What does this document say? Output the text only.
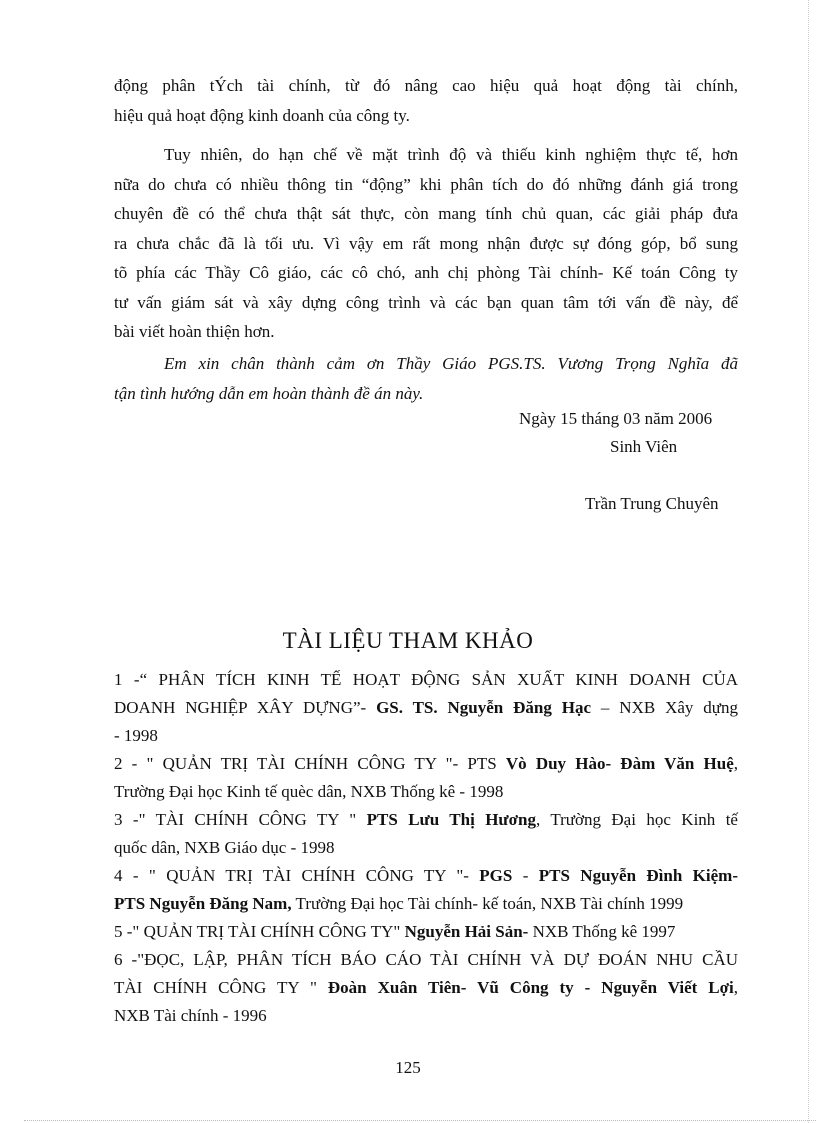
động phân tÝch tài chính, từ đó nâng cao hiệu quả hoạt động tài chính,
hiệu quả hoạt động kinh doanh của công ty.

Tuy nhiên, do hạn chế về mặt trình độ và thiếu kinh nghiệm thực tế, hơn
nữa do chưa có nhiều thông tin “động” khi phân tích do đó những đánh giá trong
chuyên đề có thể chưa thật sát thực, còn mang tính chủ quan, các giải pháp đưa
ra chưa chắc đã là tối ưu. Vì vậy em rất mong nhận được sự đóng góp, bổ sung
tõ phía các Thầy Cô giáo, các cô chó, anh chị phòng Tài chính- Kế toán Công ty
tư vấn giám sát và xây dựng công trình và các bạn quan tâm tới vấn đề này, để
bài viết hoàn thiện hơn.

Em xin chân thành cảm ơn Thầy Giáo PGS.TS. Vương Trọng Nghĩa đã
tận tình hướng dẫn em hoàn thành đề án này.

Ngày 15 tháng 03 năm 2006
Sinh Viên
Trần Trung Chuyên
TÀI LIỆU THAM KHẢO
1 -“ PHÂN TÍCH KINH TẾ HOẠT ĐỘNG SẢN XUẤT KINH DOANH CỦA
DOANH NGHIỆP XÂY DỰNG”- GS. TS. Nguyễn Đăng Hạc – NXB Xây dựng
- 1998
2 - " QUẢN TRỊ TÀI CHÍNH CÔNG TY "- PTS Vò Duy Hào- Đàm Văn Huệ,
Trường Đại học Kinh tế quèc dân, NXB Thống kê - 1998
3 -" TÀI CHÍNH CÔNG TY " PTS Lưu Thị Hương, Trường Đại học Kinh tế
quốc dân, NXB Giáo dục - 1998
4 - " QUẢN TRỊ TÀI CHÍNH CÔNG TY "- PGS - PTS Nguyễn Đình Kiệm-
PTS Nguyễn Đăng Nam, Trường Đại học Tài chính- kế toán, NXB Tài chính 1999
5 -" QUẢN TRỊ TÀI CHÍNH CÔNG TY" Nguyễn Hải Sản- NXB Thống kê 1997
6 -"ĐỌC, LẬP, PHÂN TÍCH BÁO CÁO TÀI CHÍNH VÀ DỰ ĐOÁN NHU CẦU
TÀI CHÍNH CÔNG TY " Đoàn Xuân Tiên- Vũ Công ty - Nguyễn Viết Lợi,
NXB Tài chính - 1996
125
